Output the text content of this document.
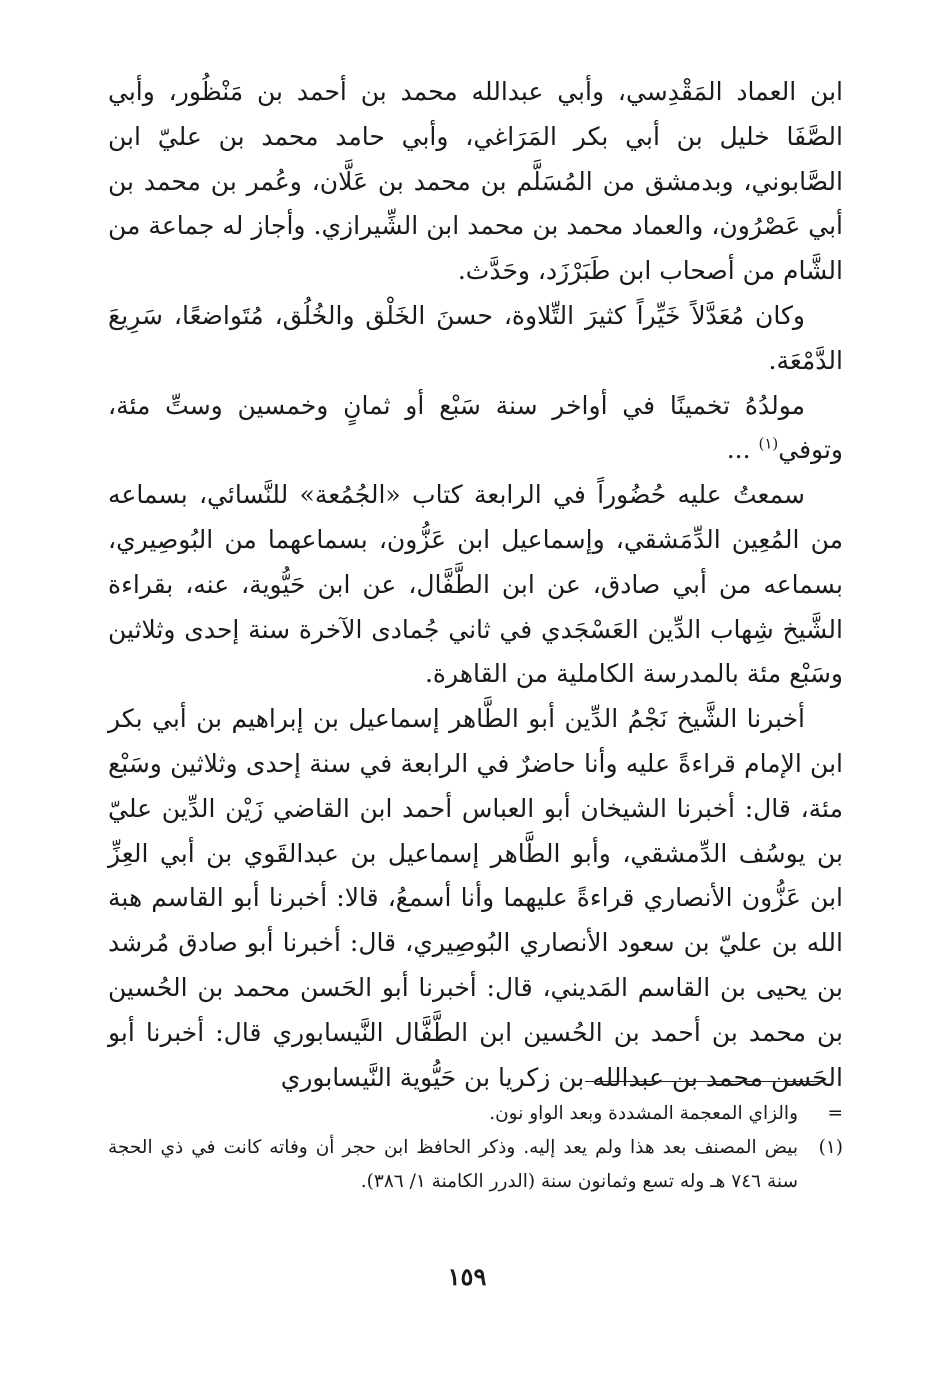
ابن العماد المَقْدِسي، وأبي عبدالله محمد بن أحمد بن مَنْظُور، وأبي الصَّفَا خليل بن أبي بكر المَرَاغي، وأبي حامد محمد بن عليّ ابن الصَّابوني، وبدمشق من المُسَلَّم بن محمد بن عَلَّان، وعُمر بن محمد بن أبي عَصْرُون، والعماد محمد بن محمد ابن الشِّيرازي. وأجاز له جماعة من الشَّام من أصحاب ابن طَبَرْزَد، وحَدَّث.

وكان مُعَدَّلاً خَيِّراً كثيرَ التِّلاوة، حسنَ الخَلْق والخُلُق، مُتَواضعًا، سَرِيعَ الدَّمْعَة.

مولدُهُ تخمينًا في أواخر سنة سَبْع أو ثمانٍ وخمسين وستِّ مئة، وتوفي$^{(١)}$ ...

سمعتُ عليه حُضُوراً في الرابعة كتاب «الجُمُعة» للنَّسائي، بسماعه من المُعِين الدِّمَشقي، وإسماعيل ابن عَزُّون، بسماعهما من البُوصِيري، بسماعه من أبي صادق، عن ابن الطَّفَّال، عن ابن حَيُّوية، عنه، بقراءة الشَّيخ شِهاب الدِّين العَسْجَدي في ثاني جُمادى الآخرة سنة إحدى وثلاثين وسَبْع مئة بالمدرسة الكاملية من القاهرة.

أخبرنا الشَّيخ نَجْمُ الدِّين أبو الطَّاهر إسماعيل بن إبراهيم بن أبي بكر ابن الإمام قراءةً عليه وأنا حاضرٌ في الرابعة في سنة إحدى وثلاثين وسَبْع مئة، قال: أخبرنا الشيخان أبو العباس أحمد ابن القاضي زَيْن الدِّين عليّ بن يوسُف الدِّمشقي، وأبو الطَّاهر إسماعيل بن عبدالقَوي بن أبي العِزِّ ابن عَزُّون الأنصاري قراءةً عليهما وأنا أسمعُ، قالا: أخبرنا أبو القاسم هبة الله بن عليّ بن سعود الأنصاري البُوصِيري، قال: أخبرنا أبو صادق مُرشد بن يحيى بن القاسم المَديني، قال: أخبرنا أبو الحَسن محمد بن الحُسين بن محمد بن أحمد بن الحُسين ابن الطَّفَّال النَّيسابوري قال: أخبرنا أبو الحَسن محمد بن عبدالله بن زكريا بن حَيُّوية النَّيسابوري

=
والزاي المعجمة المشددة وبعد الواو نون.

(١)
بيض المصنف بعد هذا ولم يعد إليه. وذكر الحافظ ابن حجر أن وفاته كانت في ذي الحجة سنة ٧٤٦ هـ وله تسع وثمانون سنة (الدرر الكامنة ١/ ٣٨٦).

١٥٩
